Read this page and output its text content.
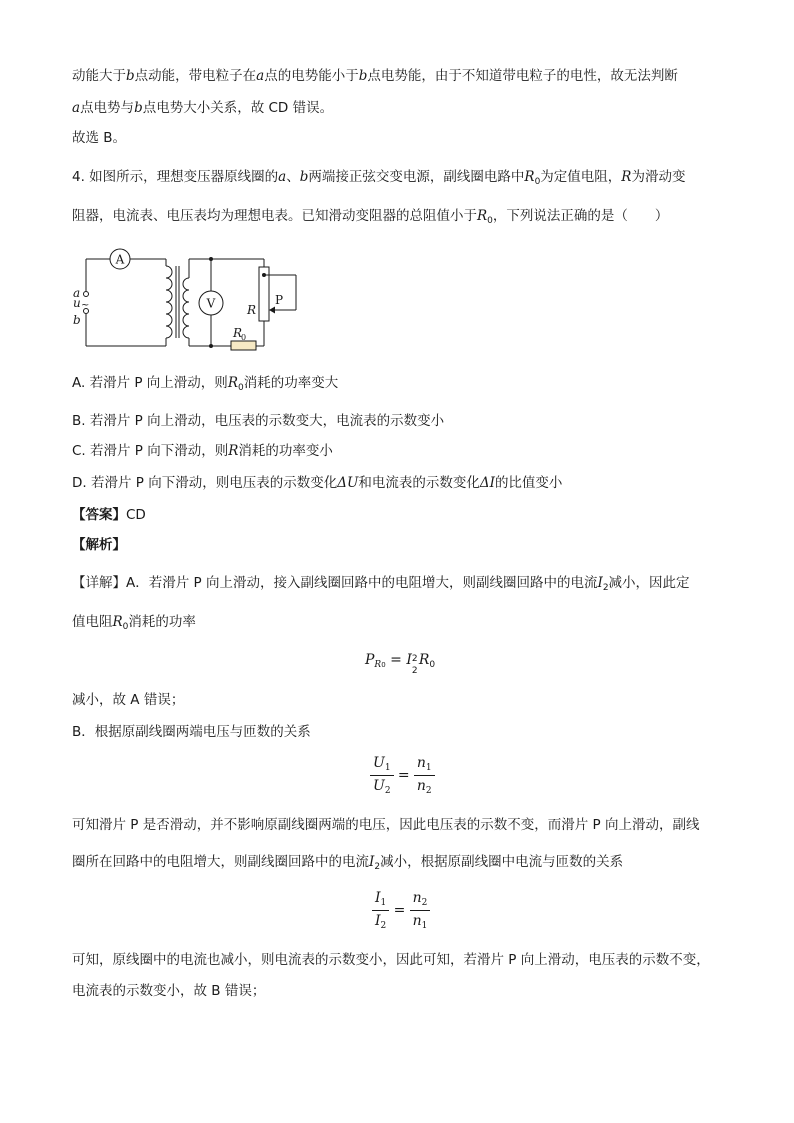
动能大于b点动能，带电粒子在a点的电势能小于b点电势能，由于不知道带电粒子的电性，故无法判断
a点电势与b点电势大小关系，故 CD 错误。
故选 B。
4. 如图所示，理想变压器原线圈的a、b两端接正弦交变电源，副线圈电路中$R_0$为定值电阻，R为滑动变
阻器，电流表、电压表均为理想电表。已知滑动变阻器的总阻值小于$R_0$，下列说法正确的是（　　）
A
V
a
u ~
b
P
R
R
0
A. 若滑片 P 向上滑动，则$R_0$消耗的功率变大
B. 若滑片 P 向上滑动，电压表的示数变大，电流表的示数变小
C. 若滑片 P 向下滑动，则R消耗的功率变小
D. 若滑片 P 向下滑动，则电压表的示数变化ΔU和电流表的示数变化ΔI的比值变小
【答案】CD
【解析】
【详解】A．若滑片 P 向上滑动，接入副线圈回路中的电阻增大，则副线圈回路中的电流$I_2$减小，因此定
值电阻$R_0$消耗的功率
$P_{R0} = I$ 2
2
$R_0$
减小，故 A 错误；
B．根据原副线圈两端电压与匝数的关系
$\frac{U_1}{U_2} = \frac{n_1}{n_2}$
可知滑片 P 是否滑动，并不影响原副线圈两端的电压，因此电压表的示数不变，而滑片 P 向上滑动，副线
圈所在回路中的电阻增大，则副线圈回路中的电流$I_2$减小，根据原副线圈中电流与匝数的关系
$\frac{I_1}{I_2} = \frac{n_2}{n_1}$
可知，原线圈中的电流也减小，则电流表的示数变小，因此可知，若滑片 P 向上滑动，电压表的示数不变，
电流表的示数变小，故 B 错误；
